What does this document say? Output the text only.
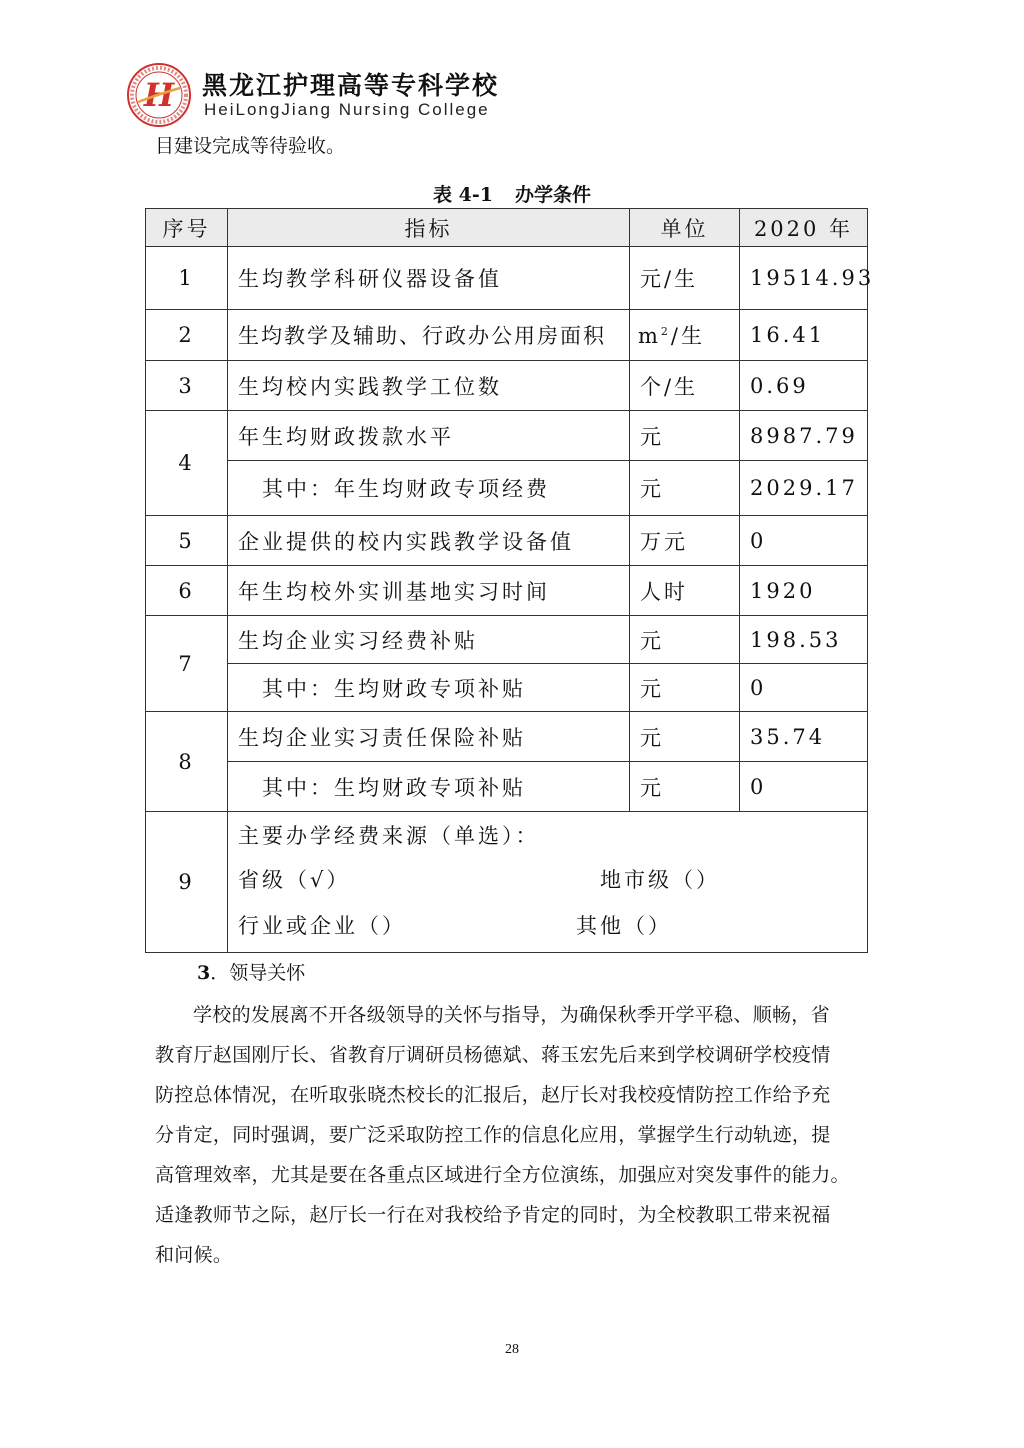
H 黑龙江护理高等专科学校
HeiLongJiang Nursing College
目建设完成等待验收。
表 4-1 办学条件
序号	指标	单位	2020 年
1	生均教学科研仪器设备值	元/生	19514.93
2	生均教学及辅助、行政办公用房面积	$m^2/$生	16.41
3	生均校内实践教学工位数	个/生	0.69
4	年生均财政拨款水平	元	8987.79
	其中：年生均财政专项经费	元	2029.17
5	企业提供的校内实践教学设备值	万元	0
6	年生均校外实训基地实习时间	人时	1920
7	生均企业实习经费补贴	元	198.53
	其中：生均财政专项补贴	元	0
8	生均企业实习责任保险补贴	元	35.74
	其中：生均财政专项补贴	元	0
9	主要办学经费来源（单选）：
省级（√） 地市级（）
行业或企业（） 其他（）		
3．领导关怀
学校的发展离不开各级领导的关怀与指导，为确保秋季开学平稳、顺畅，省
教育厅赵国刚厅长、省教育厅调研员杨德斌、蒋玉宏先后来到学校调研学校疫情
防控总体情况，在听取张晓杰校长的汇报后，赵厅长对我校疫情防控工作给予充
分肯定，同时强调，要广泛采取防控工作的信息化应用，掌握学生行动轨迹，提
高管理效率，尤其是要在各重点区域进行全方位演练，加强应对突发事件的能力。
适逢教师节之际，赵厅长一行在对我校给予肯定的同时，为全校教职工带来祝福
和问候。
28
